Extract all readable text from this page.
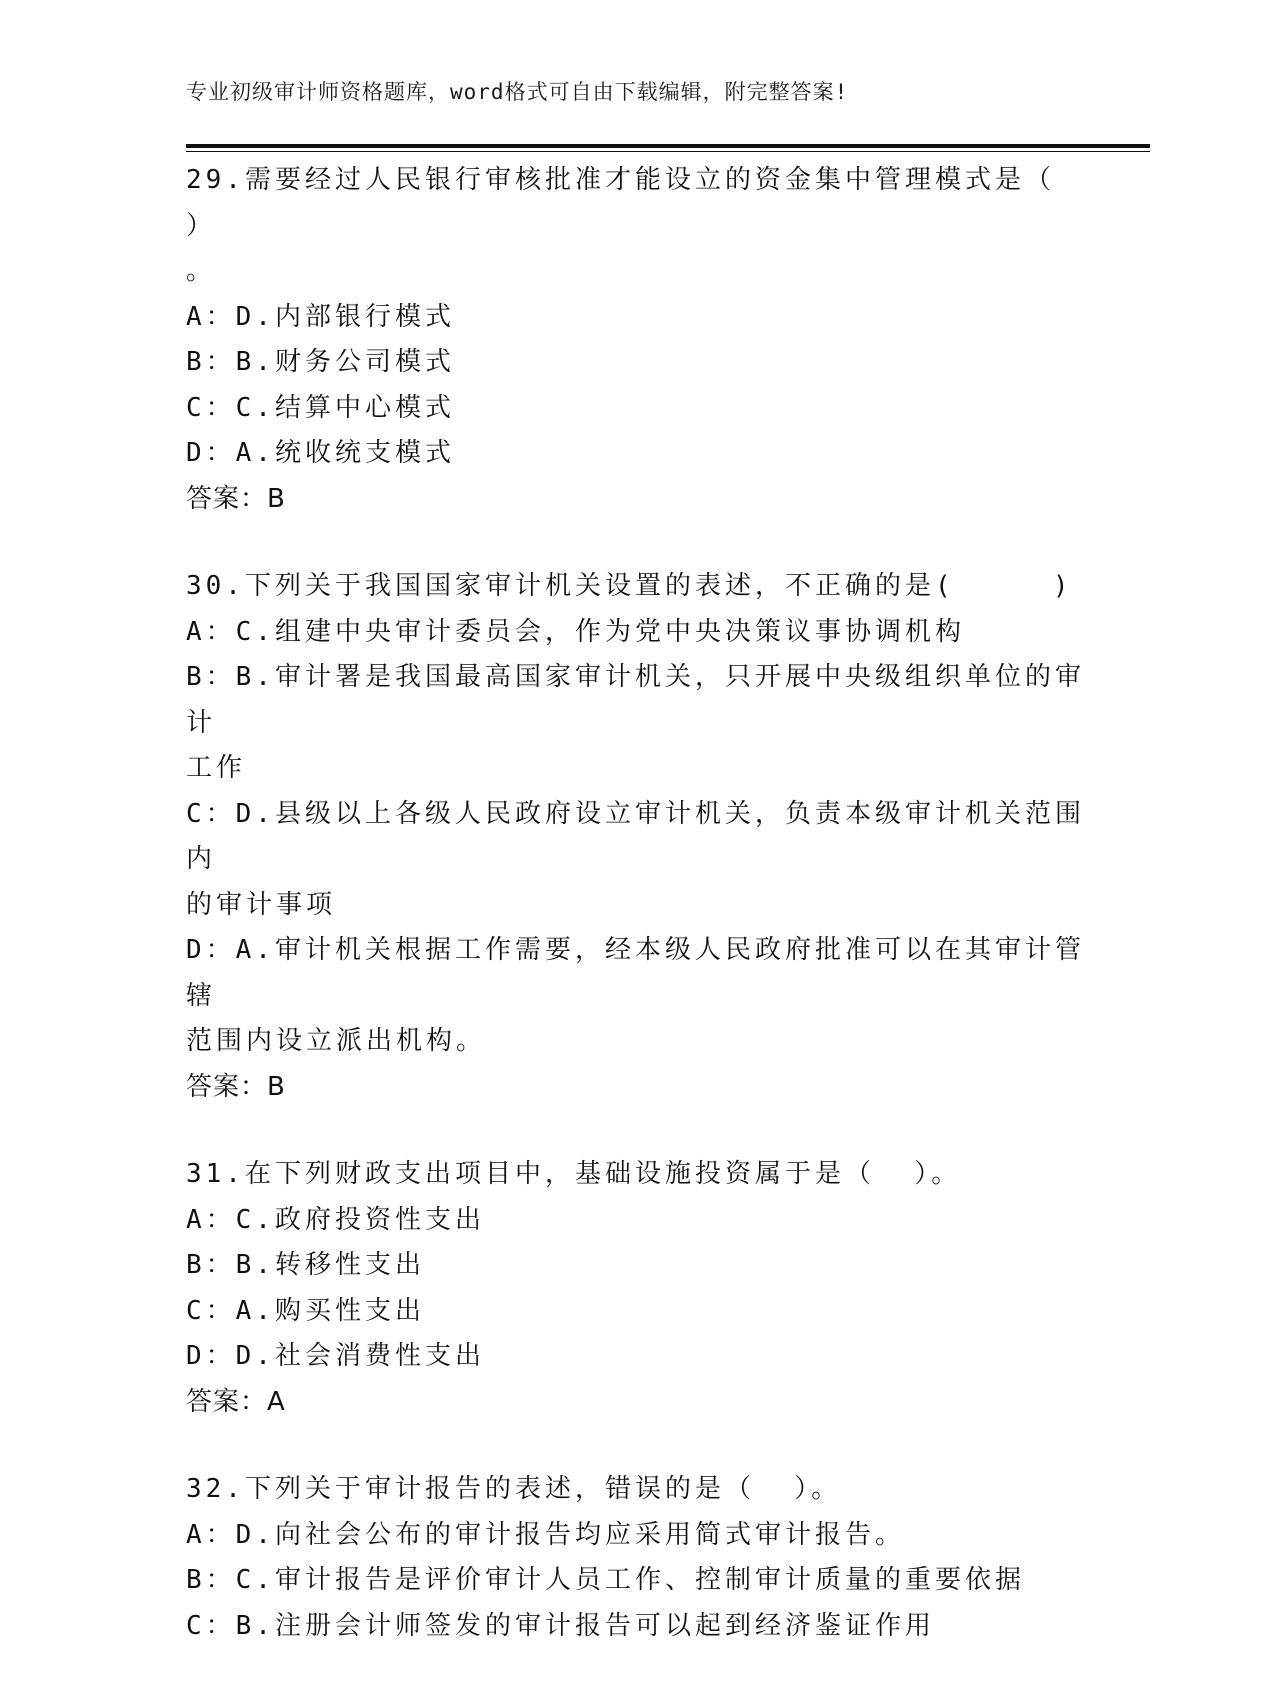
专业初级审计师资格题库，word格式可自由下载编辑，附完整答案!
29.需要经过人民银行审核批准才能设立的资金集中管理模式是（ ）
。
A：D.内部银行模式
B：B.财务公司模式
C：C.结算中心模式
D：A.统收统支模式
答案：B
30.下列关于我国国家审计机关设置的表述，不正确的是(     )
A：C.组建中央审计委员会，作为党中央决策议事协调机构
B：B.审计署是我国最高国家审计机关，只开展中央级组织单位的审计
工作
C：D.县级以上各级人民政府设立审计机关，负责本级审计机关范围内
的审计事项
D：A.审计机关根据工作需要，经本级人民政府批准可以在其审计管辖
范围内设立派出机构。
答案：B
31.在下列财政支出项目中，基础设施投资属于是（  ）。
A：C.政府投资性支出
B：B.转移性支出
C：A.购买性支出
D：D.社会消费性支出
答案：A
32.下列关于审计报告的表述，错误的是（  ）。
A：D.向社会公布的审计报告均应采用简式审计报告。
B：C.审计报告是评价审计人员工作、控制审计质量的重要依据
C：B.注册会计师签发的审计报告可以起到经济鉴证作用
